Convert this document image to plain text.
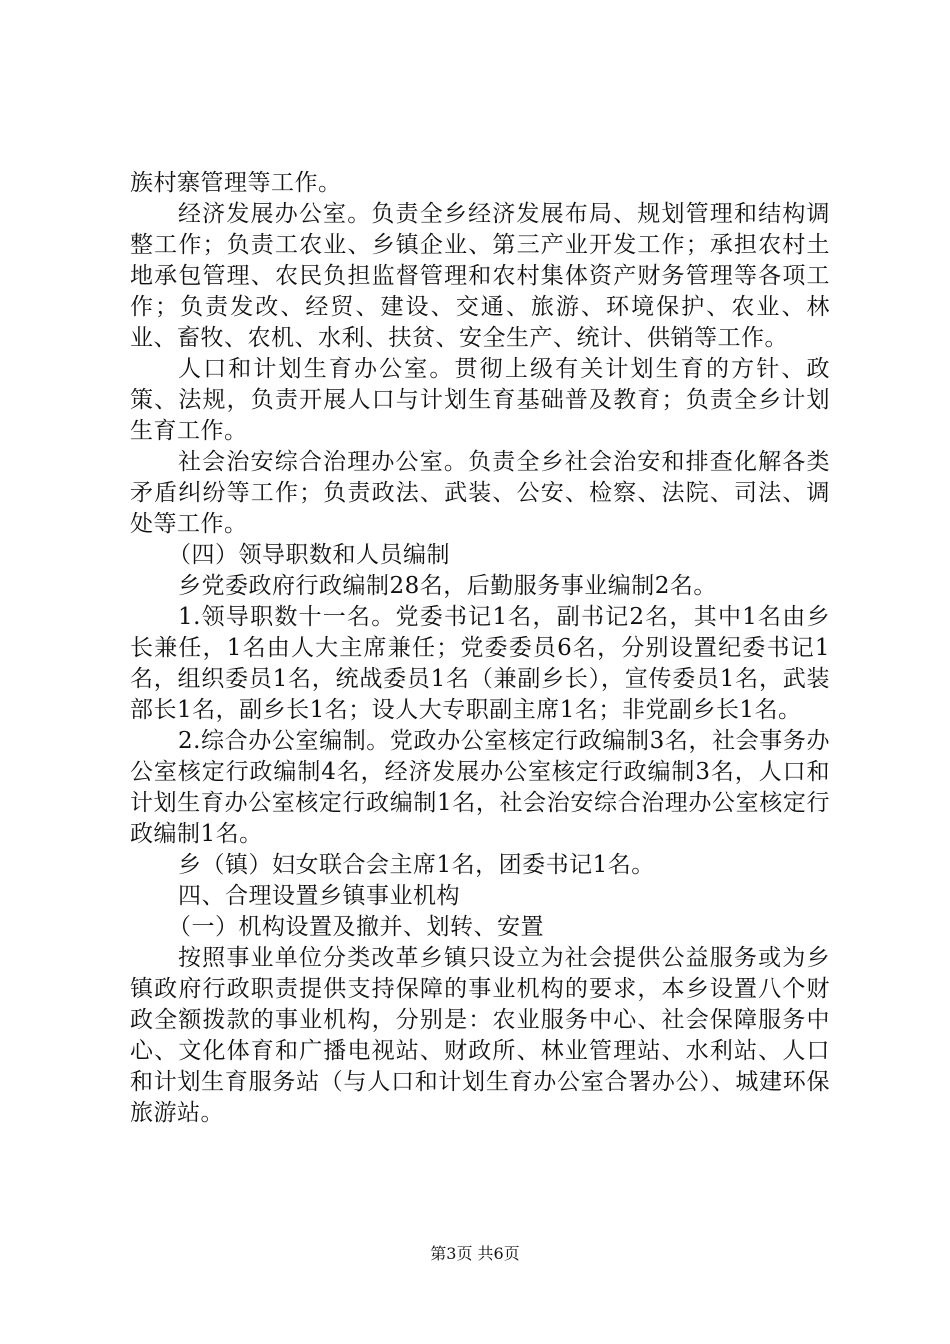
族村寨管理等工作。

经济发展办公室。负责全乡经济发展布局、规划管理和结构调整工作；负责工农业、乡镇企业、第三产业开发工作；承担农村土地承包管理、农民负担监督管理和农村集体资产财务管理等各项工作；负责发改、经贸、建设、交通、旅游、环境保护、农业、林业、畜牧、农机、水利、扶贫、安全生产、统计、供销等工作。

人口和计划生育办公室。贯彻上级有关计划生育的方针、政策、法规，负责开展人口与计划生育基础普及教育；负责全乡计划生育工作。

社会治安综合治理办公室。负责全乡社会治安和排查化解各类矛盾纠纷等工作；负责政法、武装、公安、检察、法院、司法、调处等工作。

（四）领导职数和人员编制

乡党委政府行政编制28名，后勤服务事业编制2名。

1.领导职数十一名。党委书记1名，副书记2名，其中1名由乡长兼任，1名由人大主席兼任；党委委员6名，分别设置纪委书记1名，组织委员1名，统战委员1名（兼副乡长），宣传委员1名，武装部长1名，副乡长1名；设人大专职副主席1名；非党副乡长1名。

2.综合办公室编制。党政办公室核定行政编制3名，社会事务办公室核定行政编制4名，经济发展办公室核定行政编制3名，人口和计划生育办公室核定行政编制1名，社会治安综合治理办公室核定行政编制1名。

乡（镇）妇女联合会主席1名，团委书记1名。

四、合理设置乡镇事业机构

（一）机构设置及撤并、划转、安置

按照事业单位分类改革乡镇只设立为社会提供公益服务或为乡镇政府行政职责提供支持保障的事业机构的要求，本乡设置八个财政全额拨款的事业机构，分别是：农业服务中心、社会保障服务中心、文化体育和广播电视站、财政所、林业管理站、水利站、人口和计划生育服务站（与人口和计划生育办公室合署办公）、城建环保旅游站。

第3页 共6页
